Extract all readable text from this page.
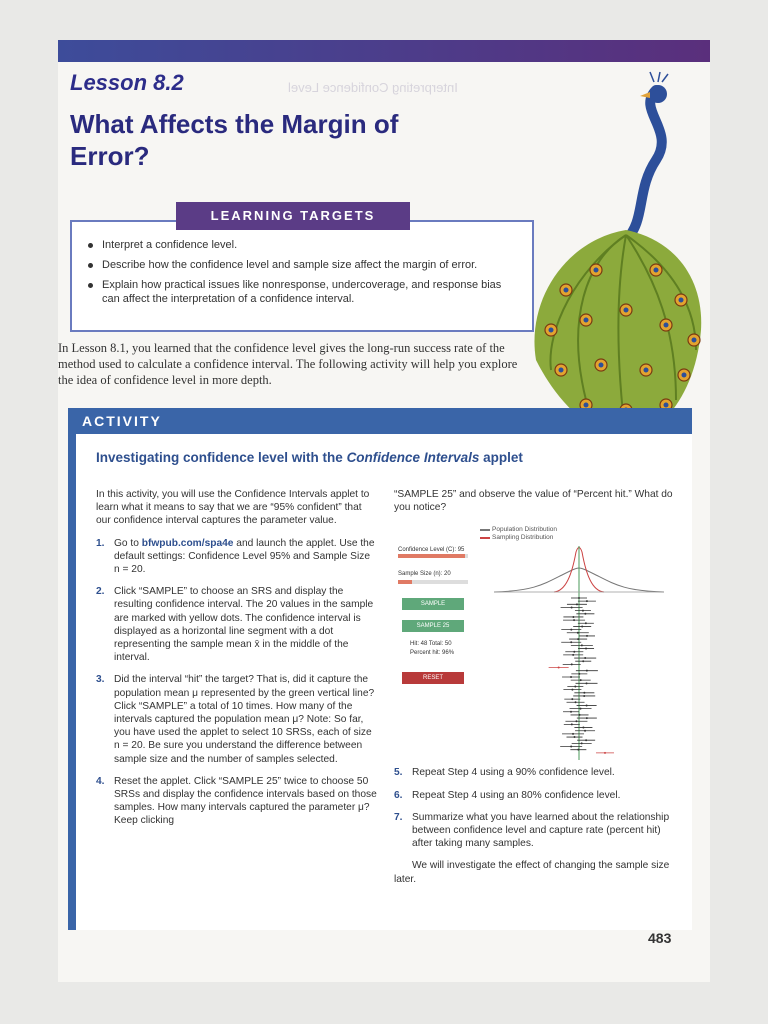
Interpreting Confidence Level
Lesson 8.2
What Affects the Margin of Error?
Interpret a confidence level.
Describe how the confidence level and sample size affect the margin of error.
Explain how practical issues like nonresponse, undercoverage, and response bias can affect the interpretation of a confidence interval.
LEARNING TARGETS
In Lesson 8.1, you learned that the confidence level gives the long-run success rate of the method used to calculate a confidence interval. The following activity will help you explore the idea of confidence level in more depth.
ACTIVITY
Investigating confidence level with the Confidence Intervals applet

In this activity, you will use the Confidence Intervals applet to learn what it means to say that we are “95% confident” that our confidence interval captures the parameter value.

1. Go to bfwpub.com/spa4e and launch the applet. Use the default settings: Confidence Level 95% and Sample Size n = 20.
2. Click “SAMPLE” to choose an SRS and display the resulting confidence interval. The 20 values in the sample are marked with yellow dots. The confidence interval is displayed as a horizontal line segment with a dot representing the sample mean x̄ in the middle of the interval.
3. Did the interval “hit” the target? That is, did it capture the population mean μ represented by the green vertical line? Click “SAMPLE” a total of 10 times. How many of the intervals captured the population mean μ? Note: So far, you have used the applet to select 10 SRSs, each of size n = 20. Be sure you understand the difference between sample size and the number of samples selected.
4. Reset the applet. Click “SAMPLE 25” twice to choose 50 SRSs and display the confidence intervals based on those samples. How many intervals captured the parameter μ? Keep clicking

“SAMPLE 25” and observe the value of “Percent hit.” What do you notice?

Population Distribution
Sampling Distribution
Confidence Level (C): 95
Sample Size (n): 20
SAMPLE
SAMPLE 25
Hit: 48 Total: 50
Percent hit: 96%
RESET
5. Repeat Step 4 using a 90% confidence level.
6. Repeat Step 4 using an 80% confidence level.
7. Summarize what you have learned about the relationship between confidence level and capture rate (percent hit) after taking many samples.

We will investigate the effect of changing the sample size later.

483
